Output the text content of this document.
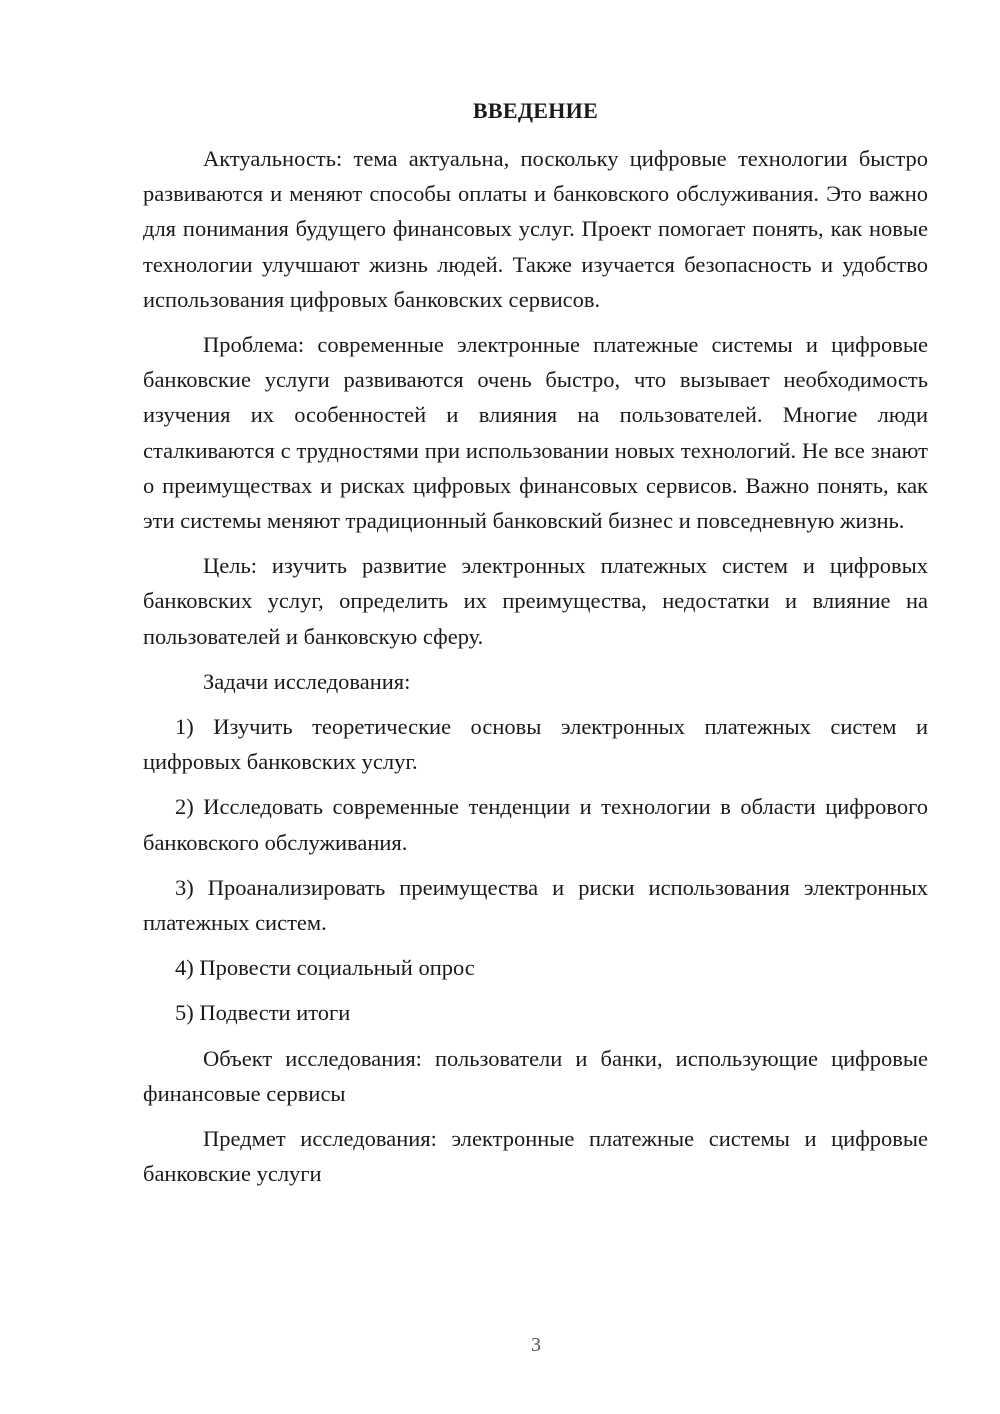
ВВЕДЕНИЕ

Актуальность: тема актуальна, поскольку цифровые технологии быстро развиваются и меняют способы оплаты и банковского обслуживания. Это важно для понимания будущего финансовых услуг. Проект помогает понять, как новые технологии улучшают жизнь людей. Также изучается безопасность и удобство использования цифровых банковских сервисов.

Проблема: современные электронные платежные системы и цифровые банковские услуги развиваются очень быстро, что вызывает необходимость изучения их особенностей и влияния на пользователей. Многие люди сталкиваются с трудностями при использовании новых технологий. Не все знают о преимуществах и рисках цифровых финансовых сервисов. Важно понять, как эти системы меняют традиционный банковский бизнес и повседневную жизнь.

Цель: изучить развитие электронных платежных систем и цифровых банковских услуг, определить их преимущества, недостатки и влияние на пользователей и банковскую сферу.

Задачи исследования:

1) Изучить теоретические основы электронных платежных систем и цифровых банковских услуг.

2) Исследовать современные тенденции и технологии в области цифрового банковского обслуживания.

3) Проанализировать преимущества и риски использования электронных платежных систем.

4) Провести социальный опрос

5) Подвести итоги

Объект исследования: пользователи и банки, использующие цифровые финансовые сервисы

Предмет исследования: электронные платежные системы и цифровые банковские услуги

3
